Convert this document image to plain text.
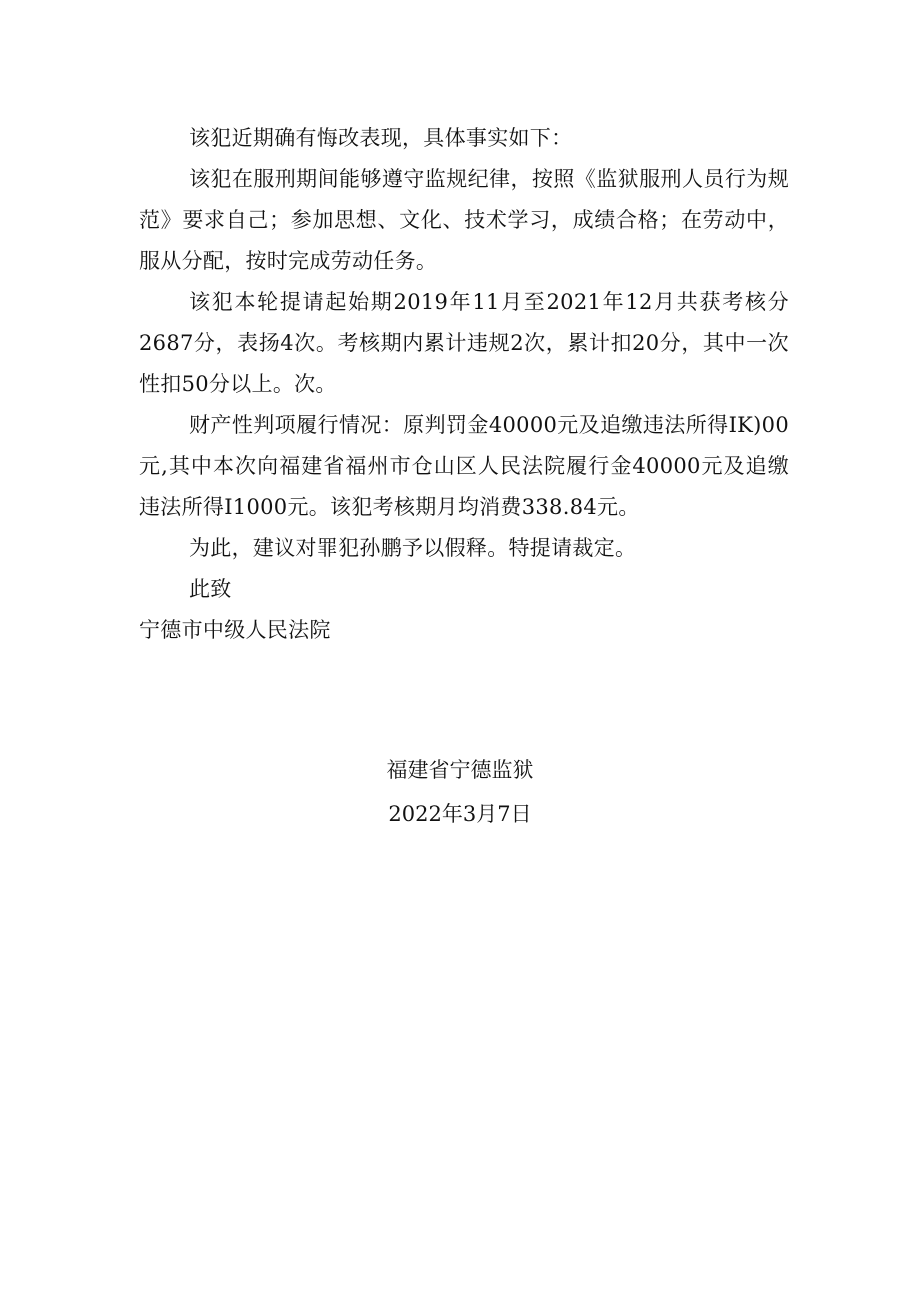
该犯近期确有悔改表现，具体事实如下：

该犯在服刑期间能够遵守监规纪律，按照《监狱服刑人员行为规范》要求自己；参加思想、文化、技术学习，成绩合格；在劳动中，服从分配，按时完成劳动任务。

该犯本轮提请起始期2019年11月至2021年12月共获考核分2687分，表扬4次。考核期内累计违规2次，累计扣20分，其中一次性扣50分以上。次。

财产性判项履行情况：原判罚金40000元及追缴违法所得IK)00元,其中本次向福建省福州市仓山区人民法院履行金40000元及追缴违法所得I1000元。该犯考核期月均消费338.84元。

为此，建议对罪犯孙鹏予以假释。特提请裁定。

此致

宁德市中级人民法院

福建省宁德监狱
2022年3月7日
